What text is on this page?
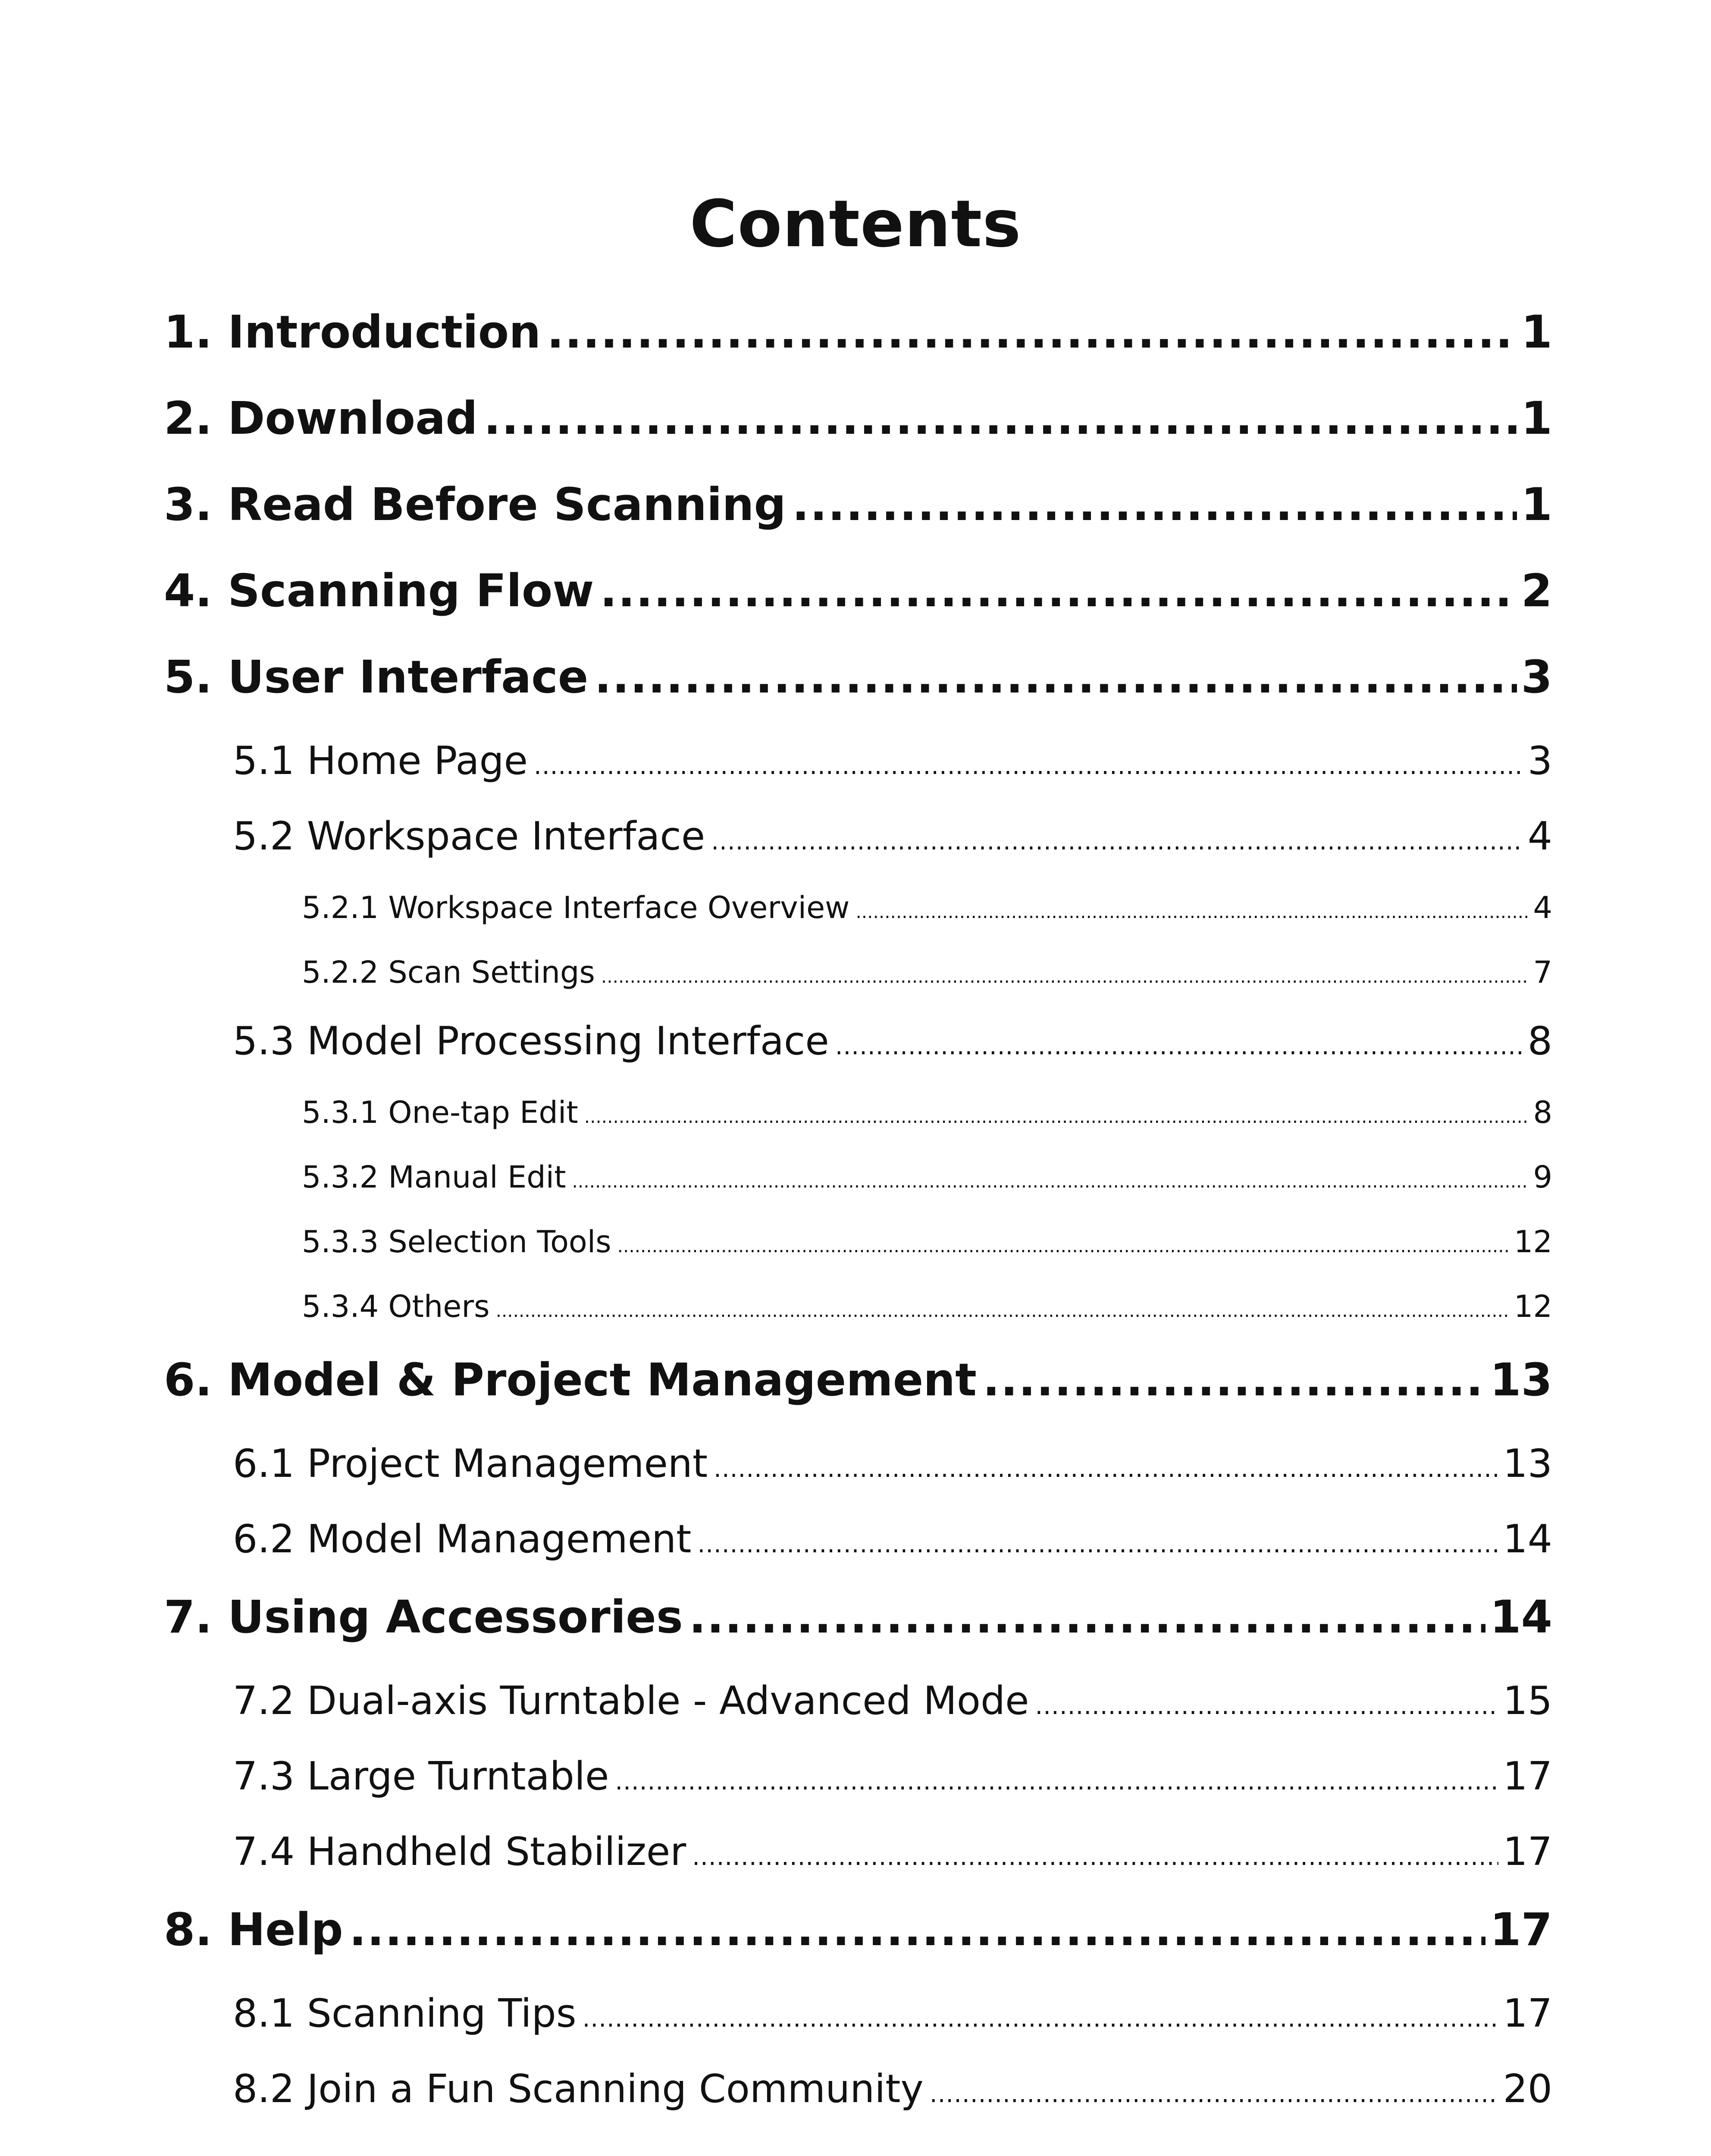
Contents
1. Introduction .....	1
2. Download .....	1
3. Read Before Scanning .....	1
4. Scanning Flow .....	2
5. User Interface .....	3
5.1 Home Page .....	3
5.2 Workspace Interface .....	4
5.2.1 Workspace Interface Overview .....	4
5.2.2 Scan Settings .....	7
5.3 Model Processing Interface .....	8
5.3.1 One-tap Edit .....	8
5.3.2 Manual Edit .....	9
5.3.3 Selection Tools .....	12
5.3.4 Others .....	12
6. Model & Project Management .....	13
6.1 Project Management .....	13
6.2 Model Management .....	14
7. Using Accessories .....	14
7.2 Dual-axis Turntable - Advanced Mode .....	15
7.3 Large Turntable .....	17
7.4 Handheld Stabilizer .....	17
8. Help .....	17
8.1 Scanning Tips .....	17
8.2 Join a Fun Scanning Community .....	20
